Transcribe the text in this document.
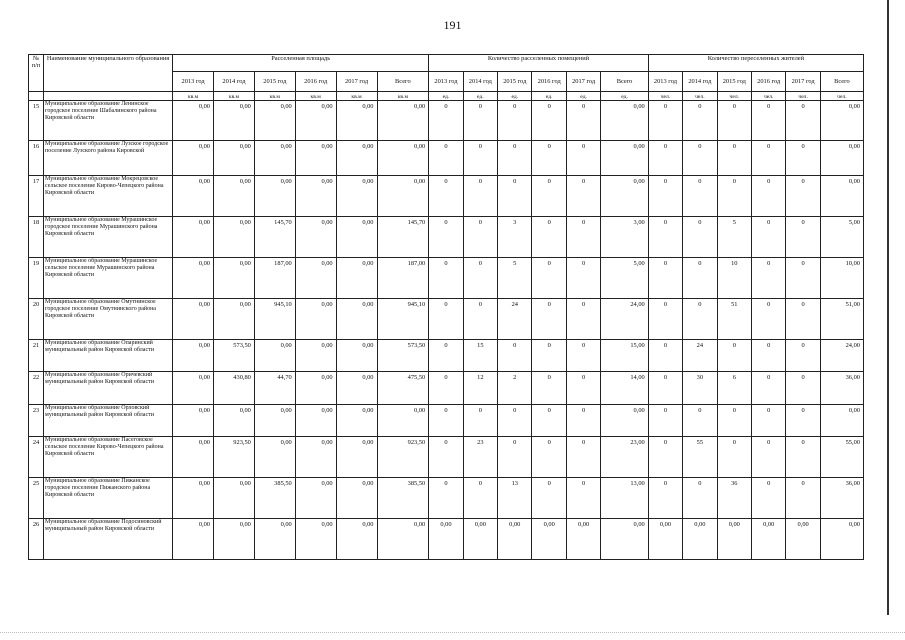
191
№ п/п	Наименование муниципального образования	Расселенная площадь						Количество расселенных помещений						Количество переселенных жителей					
		2013 год	2014 год	2015 год	2016 год	2017 год	Всего	2013 год	2014 год	2015 год	2016 год	2017 год	Всего	2013 год	2014 год	2015 год	2016 год	2017 год	Всего
		кв.м	кв.м	кв.м	кв.м	кв.м	кв.м	ед.	ед.	ед.	ед.	ед.	ед.	чел.	чел.	чел.	чел.	чел.	чел.
15	Муниципальное образование Ленинское городское поселение Шабалинского района Кировской области	0,00	0,00	0,00	0,00	0,00	0,00	0	0	0	0	0	0,00	0	0	0	0	0	0,00
16	Муниципальное образование Лузское городское поселение Лузского района Кировской	0,00	0,00	0,00	0,00	0,00	0,00	0	0	0	0	0	0,00	0	0	0	0	0	0,00
17	Муниципальное образование Мокрецовское сельское поселение Кирово-Чепецкого района Кировской области	0,00	0,00	0,00	0,00	0,00	0,00	0	0	0	0	0	0,00	0	0	0	0	0	0,00
18	Муниципальное образование Мурашинское городское поселение Мурашинского района Кировской области	0,00	0,00	145,70	0,00	0,00	145,70	0	0	3	0	0	3,00	0	0	5	0	0	5,00
19	Муниципальное образование Мурашинское сельское поселение Мурашинского района Кировской области	0,00	0,00	187,00	0,00	0,00	187,00	0	0	5	0	0	5,00	0	0	10	0	0	10,00
20	Муниципальное образование Омутнинское городское поселение Омутнинского района Кировской области	0,00	0,00	945,10	0,00	0,00	945,10	0	0	24	0	0	24,00	0	0	51	0	0	51,00
21	Муниципальное образование Опаринский муниципальный район Кировской области	0,00	573,50	0,00	0,00	0,00	573,50	0	15	0	0	0	15,00	0	24	0	0	0	24,00
22	Муниципальное образование Оричевский муниципальный район Кировской области	0,00	430,80	44,70	0,00	0,00	475,50	0	12	2	0	0	14,00	0	30	6	0	0	36,00
23	Муниципальное образование Орловский муниципальный район Кировской области	0,00	0,00	0,00	0,00	0,00	0,00	0	0	0	0	0	0,00	0	0	0	0	0	0,00
24	Муниципальное образование Пасеговское сельское поселение Кирово-Чепецкого района Кировской области	0,00	923,50	0,00	0,00	0,00	923,50	0	23	0	0	0	23,00	0	55	0	0	0	55,00
25	Муниципальное образование Пижанское городское поселение Пижанского района Кировской области	0,00	0,00	385,50	0,00	0,00	385,50	0	0	13	0	0	13,00	0	0	36	0	0	36,00
26	Муниципальное образование Подосиновский муниципальный район Кировской области	0,00	0,00	0,00	0,00	0,00	0,00	0,00	0,00	0,00	0,00	0,00	0,00	0,00	0,00	0,00	0,00	0,00	0,00
